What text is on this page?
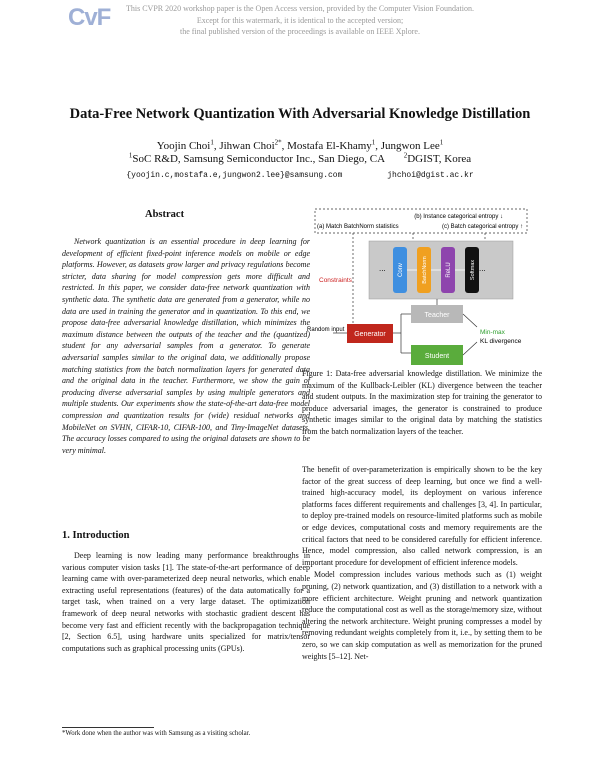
CvF	This CVPR 2020 workshop paper is the Open Access version, provided by the Computer Vision Foundation.
Except for this watermark, it is identical to the accepted version;
the final published version of the proceedings is available on IEEE Xplore.
Data-Free Network Quantization With Adversarial Knowledge Distillation
Yoojin Choi$^1$, Jihwan Choi$^{2*}$, Mostafa El-Khamy$^1$, Jungwon Lee$^1$
$^1$SoC R&D, Samsung Semiconductor Inc., San Diego, CA	$^2$DGIST, Korea
{yoojin.c,mostafa.e,jungwon2.lee}@samsung.com	jhchoi@dgist.ac.kr
Abstract

Network quantization is an essential procedure in deep learning for development of efficient fixed-point inference models on mobile or edge platforms. However, as datasets grow larger and privacy regulations become stricter, data sharing for model compression gets more difficult and restricted. In this paper, we consider data-free network quantization with synthetic data. The synthetic data are generated from a generator, while no data are used in training the generator and in quantization. To this end, we propose data-free adversarial knowledge distillation, which minimizes the maximum distance between the outputs of the teacher and the (quantized) student for any adversarial samples from a generator. To generate adversarial samples similar to the original data, we additionally propose matching statistics from the batch normalization layers for generated data and the original data in the teacher. Furthermore, we show the gain of producing diverse adversarial samples by using multiple generators and multiple students. Our experiments show the state-of-the-art data-free model compression and quantization results for (wide) residual networks and MobileNet on SVHN, CIFAR-10, CIFAR-100, and Tiny-ImageNet datasets. The accuracy losses compared to using the original datasets are shown to be very minimal.

1. Introduction

Deep learning is now leading many performance breakthroughs in various computer vision tasks [1]. The state-of-the-art performance of deep learning came with over-parameterized deep neural networks, which enable extracting useful representations (features) of the data automatically for a target task, when trained on a very large dataset. The optimization framework of deep neural networks with stochastic gradient descent has become very fast and efficient recently with the backpropagation technique [2, Section 6.5], using hardware units specialized for matrix/tensor computations such as graphical processing units (GPUs).

*Work done when the author was with Samsung as a visiting scholar.
(b) Instance categorical entropy ↓
(a) Match BatchNorm statistics	(c) Batch categorical entropy ↑
...	...
Conv	BatchNorm	ReLU	Softmax
Constraints
Teacher
Random input
Generator
Student
Min-max
KL divergence

Figure 1: Data-free adversarial knowledge distillation. We minimize the maximum of the Kullback-Leibler (KL) divergence between the teacher and student outputs. In the maximization step for training the generator to produce adversarial images, the generator is constrained to produce synthetic images similar to the original data by matching the statistics from the batch normalization layers of the teacher.

The benefit of over-parameterization is empirically shown to be the key factor of the great success of deep learning, but once we find a well-trained high-accuracy model, its deployment on various inference platforms faces different requirements and challenges [3, 4]. In particular, to deploy pre-trained models on resource-limited platforms such as mobile or edge devices, computational costs and memory requirements are the critical factors that need to be considered carefully for efficient inference. Hence, model compression, also called network compression, is an important procedure for development of efficient inference models.

Model compression includes various methods such as (1) weight pruning, (2) network quantization, and (3) distillation to a network with a more efficient architecture. Weight pruning and network quantization reduce the computational cost as well as the storage/memory size, without altering the network architecture. Weight pruning compresses a model by removing redundant weights completely from it, i.e., by setting them to be zero, so we can skip computation as well as memorization for the pruned weights [5–12]. Net-
